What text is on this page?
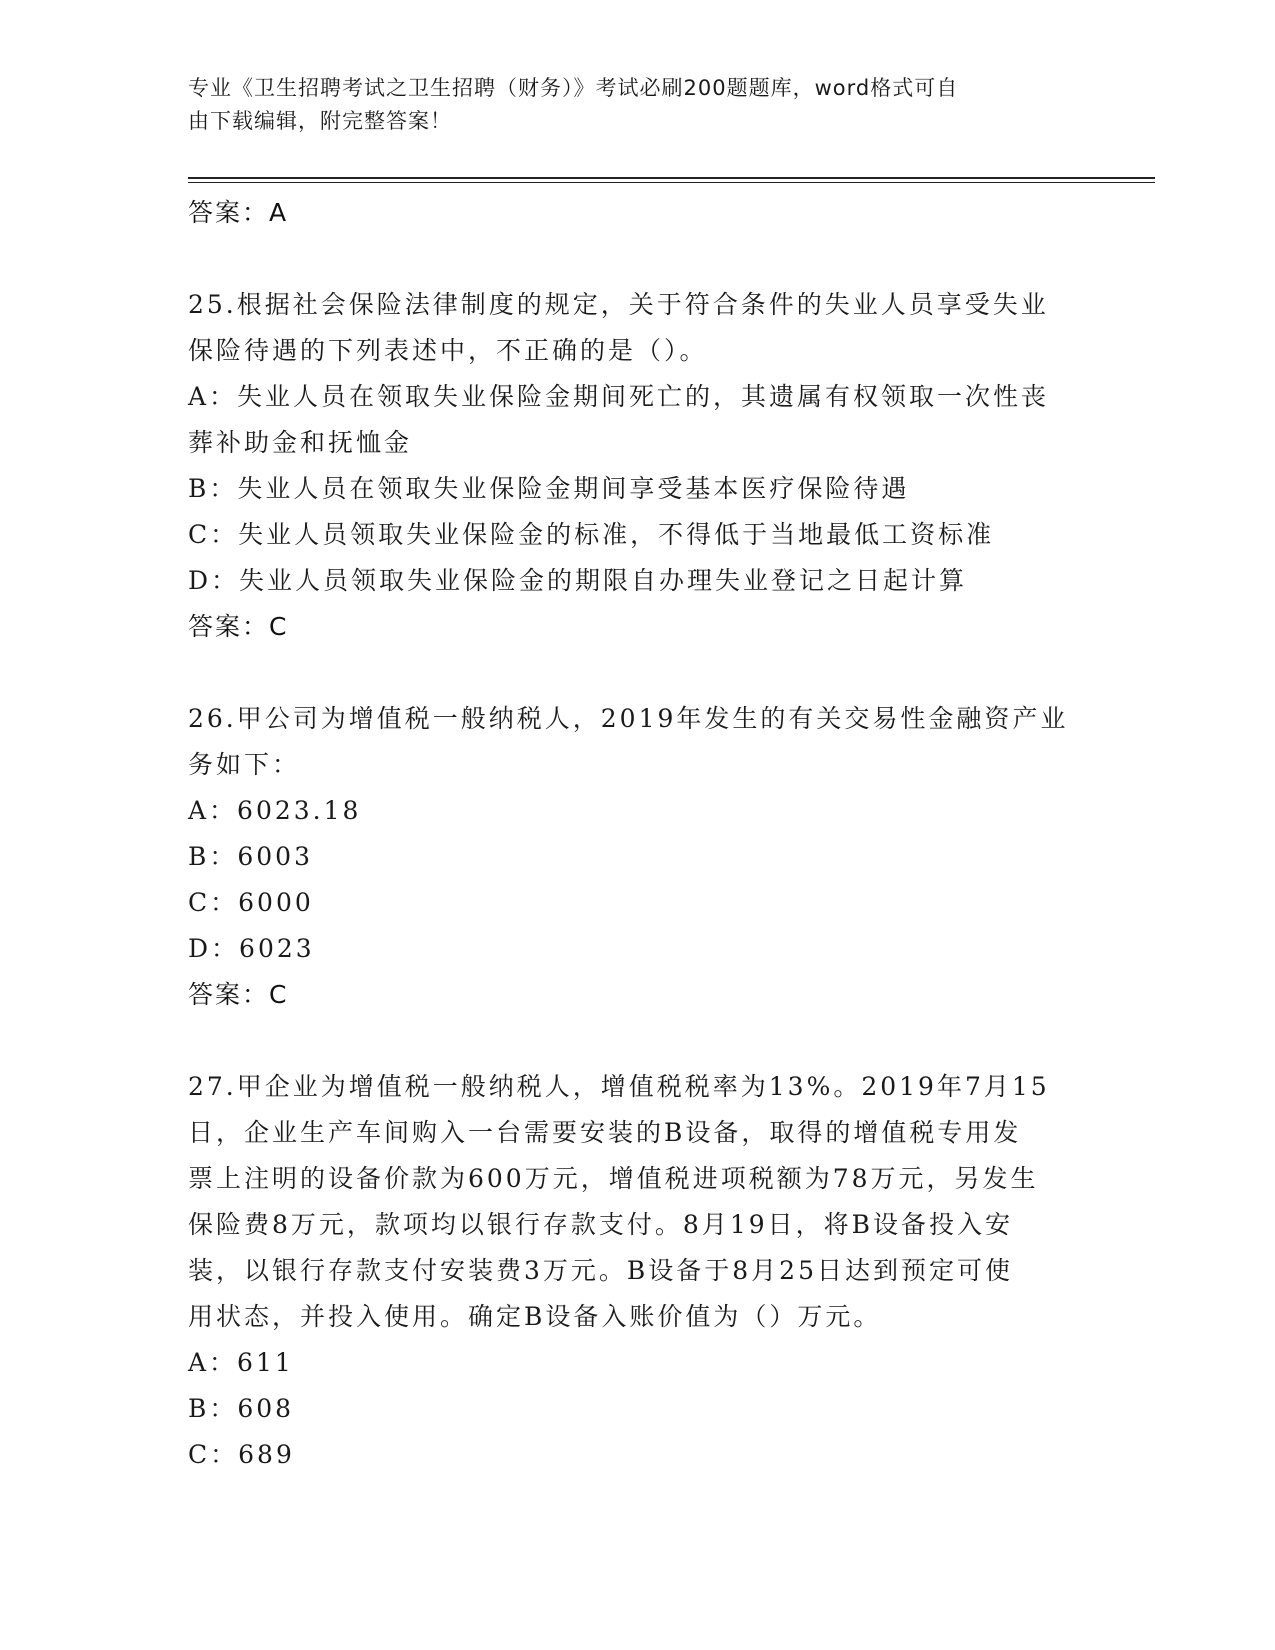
专业《卫生招聘考试之卫生招聘（财务）》考试必刷200题题库，word格式可自
由下载编辑，附完整答案！
答案：A
25.根据社会保险法律制度的规定，关于符合条件的失业人员享受失业
保险待遇的下列表述中，不正确的是（）。
A：失业人员在领取失业保险金期间死亡的，其遗属有权领取一次性丧
葬补助金和抚恤金
B：失业人员在领取失业保险金期间享受基本医疗保险待遇
C：失业人员领取失业保险金的标准，不得低于当地最低工资标准
D：失业人员领取失业保险金的期限自办理失业登记之日起计算
答案：C
26.甲公司为增值税一般纳税人，2019年发生的有关交易性金融资产业
务如下：
A：6023.18
B：6003
C：6000
D：6023
答案：C
27.甲企业为增值税一般纳税人，增值税税率为13%。2019年7月15
日，企业生产车间购入一台需要安装的B设备，取得的增值税专用发
票上注明的设备价款为600万元，增值税进项税额为78万元，另发生
保险费8万元，款项均以银行存款支付。8月19日，将B设备投入安
装，以银行存款支付安装费3万元。B设备于8月25日达到预定可使
用状态，并投入使用。确定B设备入账价值为（）万元。
A：611
B：608
C：689
